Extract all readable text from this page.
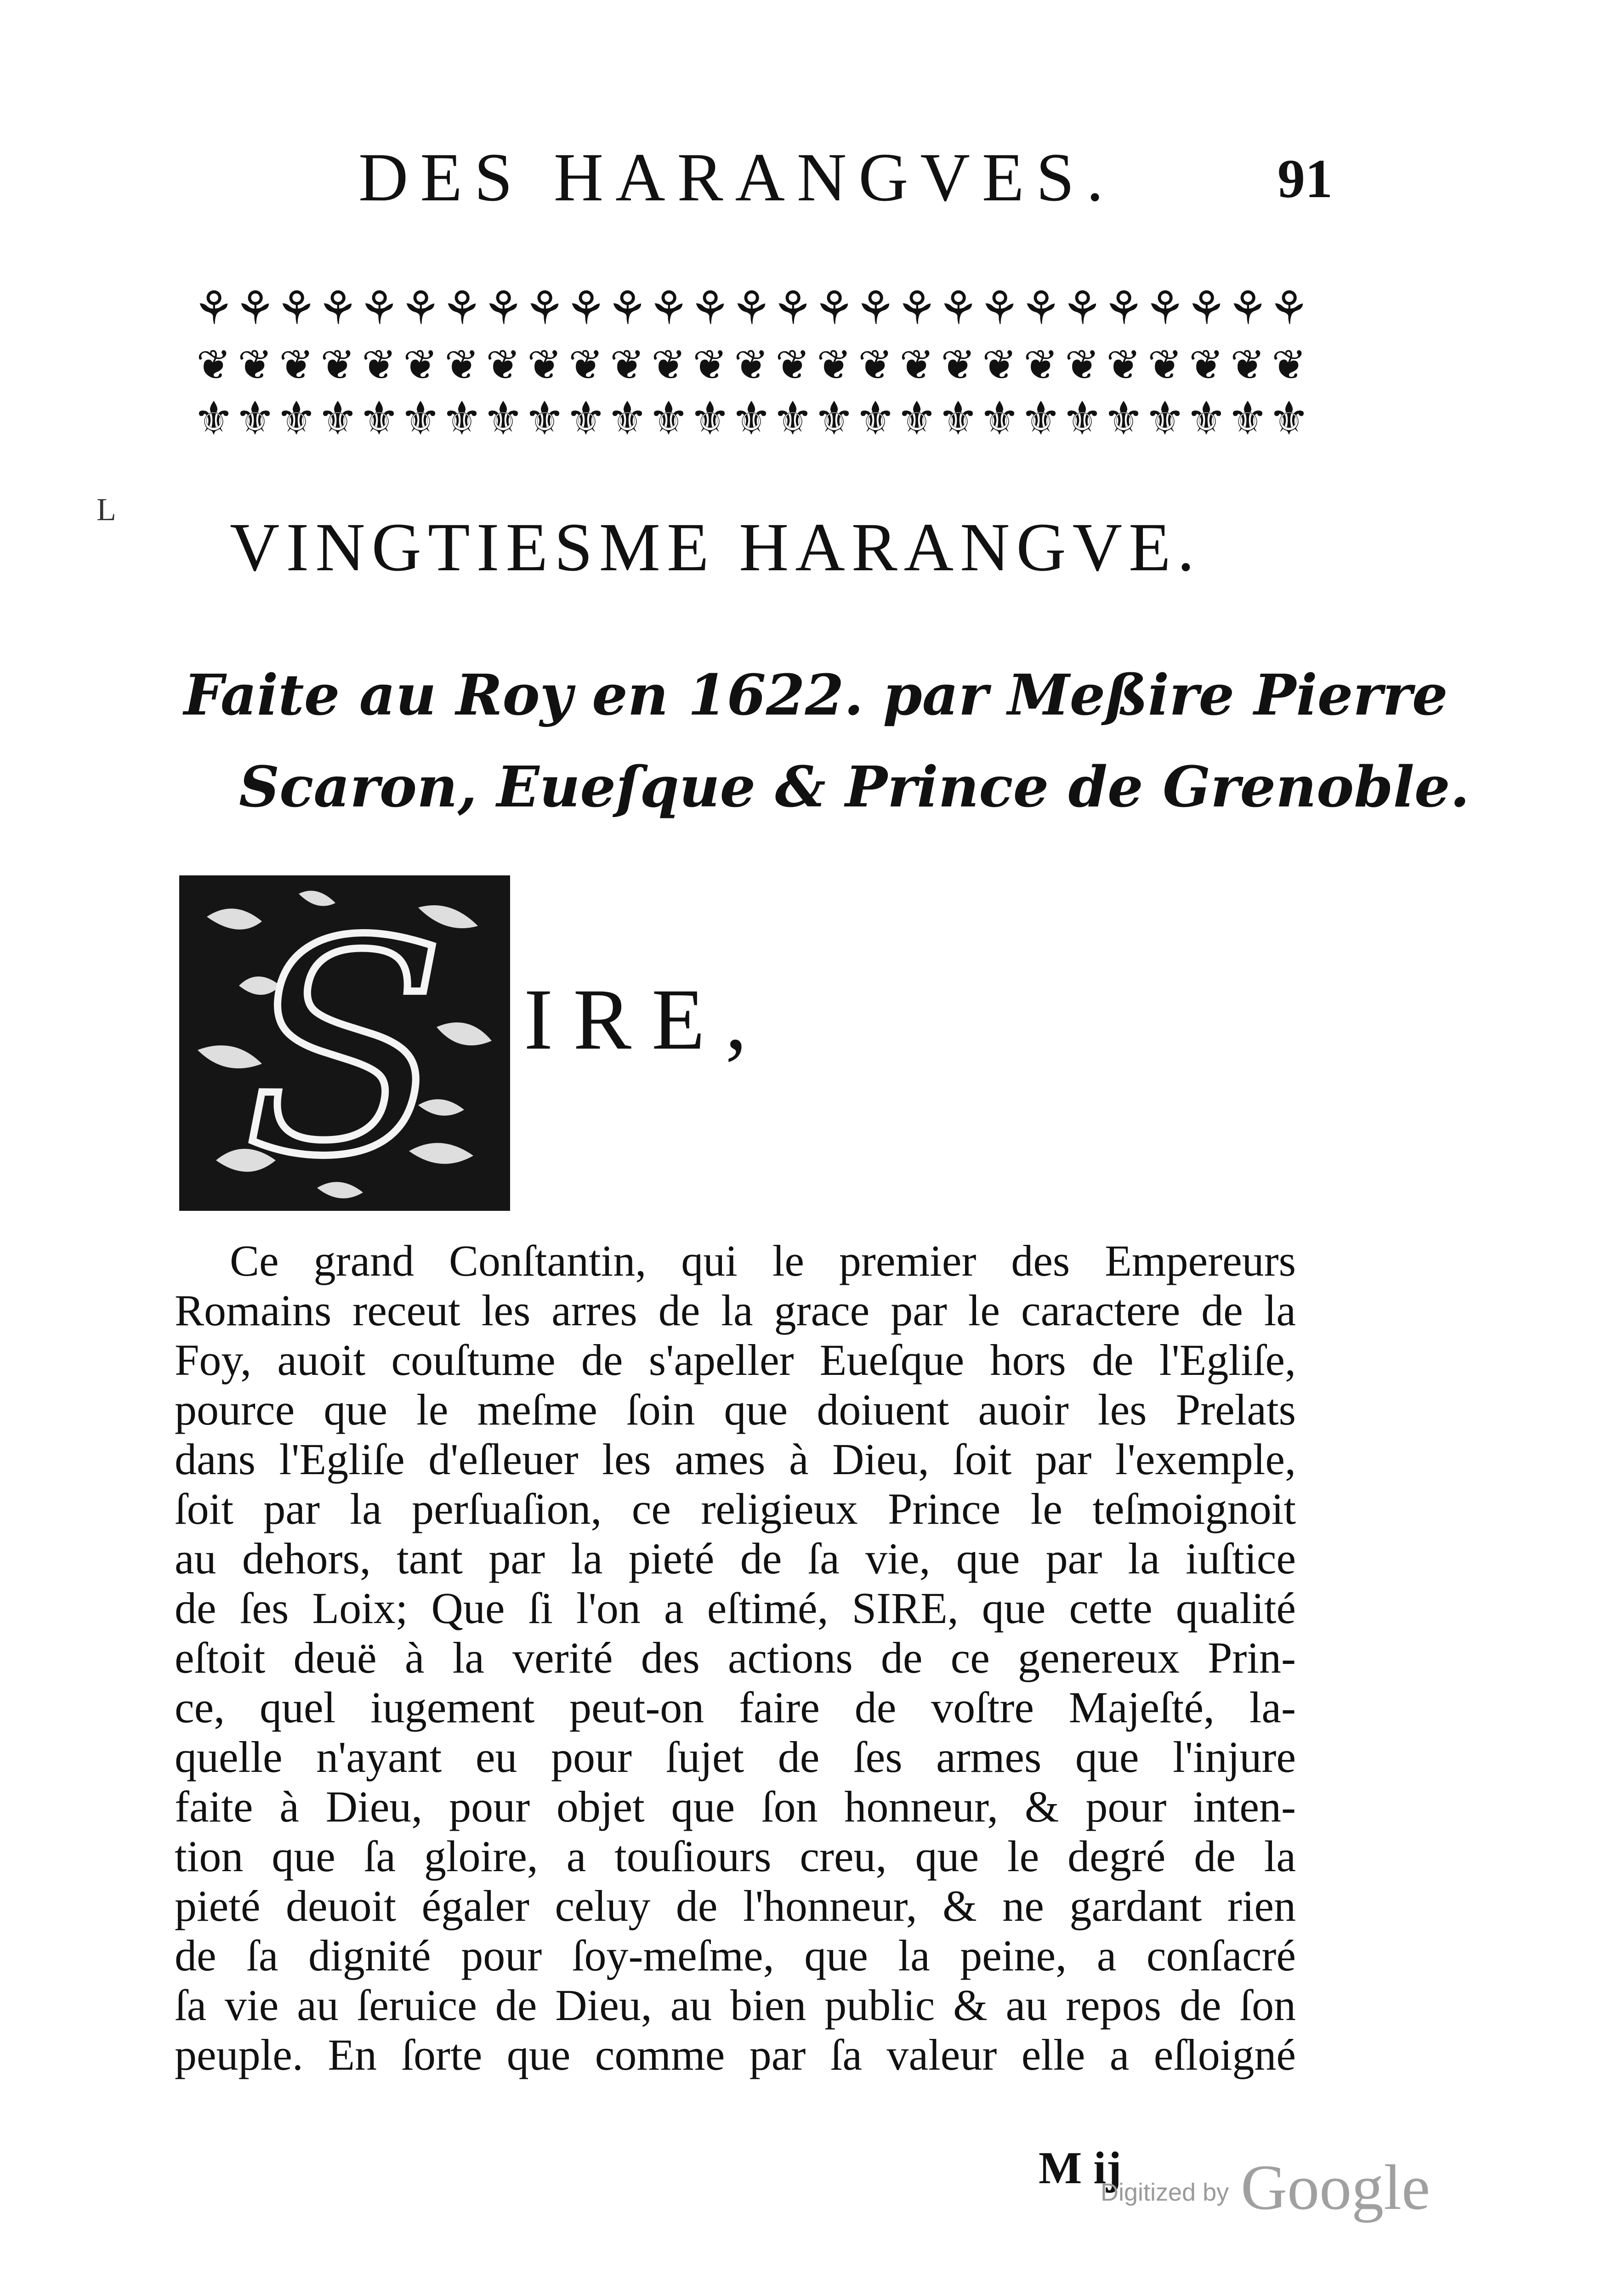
L
DES HARANGVES.	91
⚘ ⚘ ⚘ ⚘ ⚘ ⚘ ⚘ ⚘ ⚘ ⚘ ⚘ ⚘ ⚘ ⚘ ⚘ ⚘ ⚘ ⚘ ⚘ ⚘ ⚘ ⚘ ⚘ ⚘ ⚘ ⚘ ⚘
❦ ❦ ❦ ❦ ❦ ❦ ❦ ❦ ❦ ❦ ❦ ❦ ❦ ❦ ❦ ❦ ❦ ❦ ❦ ❦ ❦ ❦ ❦ ❦ ❦ ❦ ❦
⚜ ⚜ ⚜ ⚜ ⚜ ⚜ ⚜ ⚜ ⚜ ⚜ ⚜ ⚜ ⚜ ⚜ ⚜ ⚜ ⚜ ⚜ ⚜ ⚜ ⚜ ⚜ ⚜ ⚜ ⚜ ⚜ ⚜
VINGTIESME HARANGVE.
Faite au Roy en 1622. par Meßire Pierre
Scaron, Eueſque & Prince de Grenoble.
S IRE,
Ce grand Conſtantin, qui le premier des Empereurs
Romains receut les arres de la grace par le caractere de la
Foy, auoit couſtume de s'apeller Eueſque hors de l'Egliſe,
pource que le meſme ſoin que doiuent auoir les Prelats
dans l'Egliſe d'eſleuer les ames à Dieu, ſoit par l'exemple,
ſoit par la perſuaſion, ce religieux Prince le teſmoignoit
au dehors, tant par la pieté de ſa vie, que par la iuſtice
de ſes Loix; Que ſi l'on a eſtimé, SIRE, que cette qualité
eſtoit deuë à la verité des actions de ce genereux Prin-
ce, quel iugement peut-on faire de voſtre Majeſté, la-
quelle n'ayant eu pour ſujet de ſes armes que l'injure
faite à Dieu, pour objet que ſon honneur, & pour inten-
tion que ſa gloire, a touſiours creu, que le degré de la
pieté deuoit égaler celuy de l'honneur, & ne gardant rien
de ſa dignité pour ſoy-meſme, que la peine, a conſacré
ſa vie au ſeruice de Dieu, au bien public & au repos de ſon
peuple. En ſorte que comme par ſa valeur elle a eſloigné
M ij
Digitized by Google
